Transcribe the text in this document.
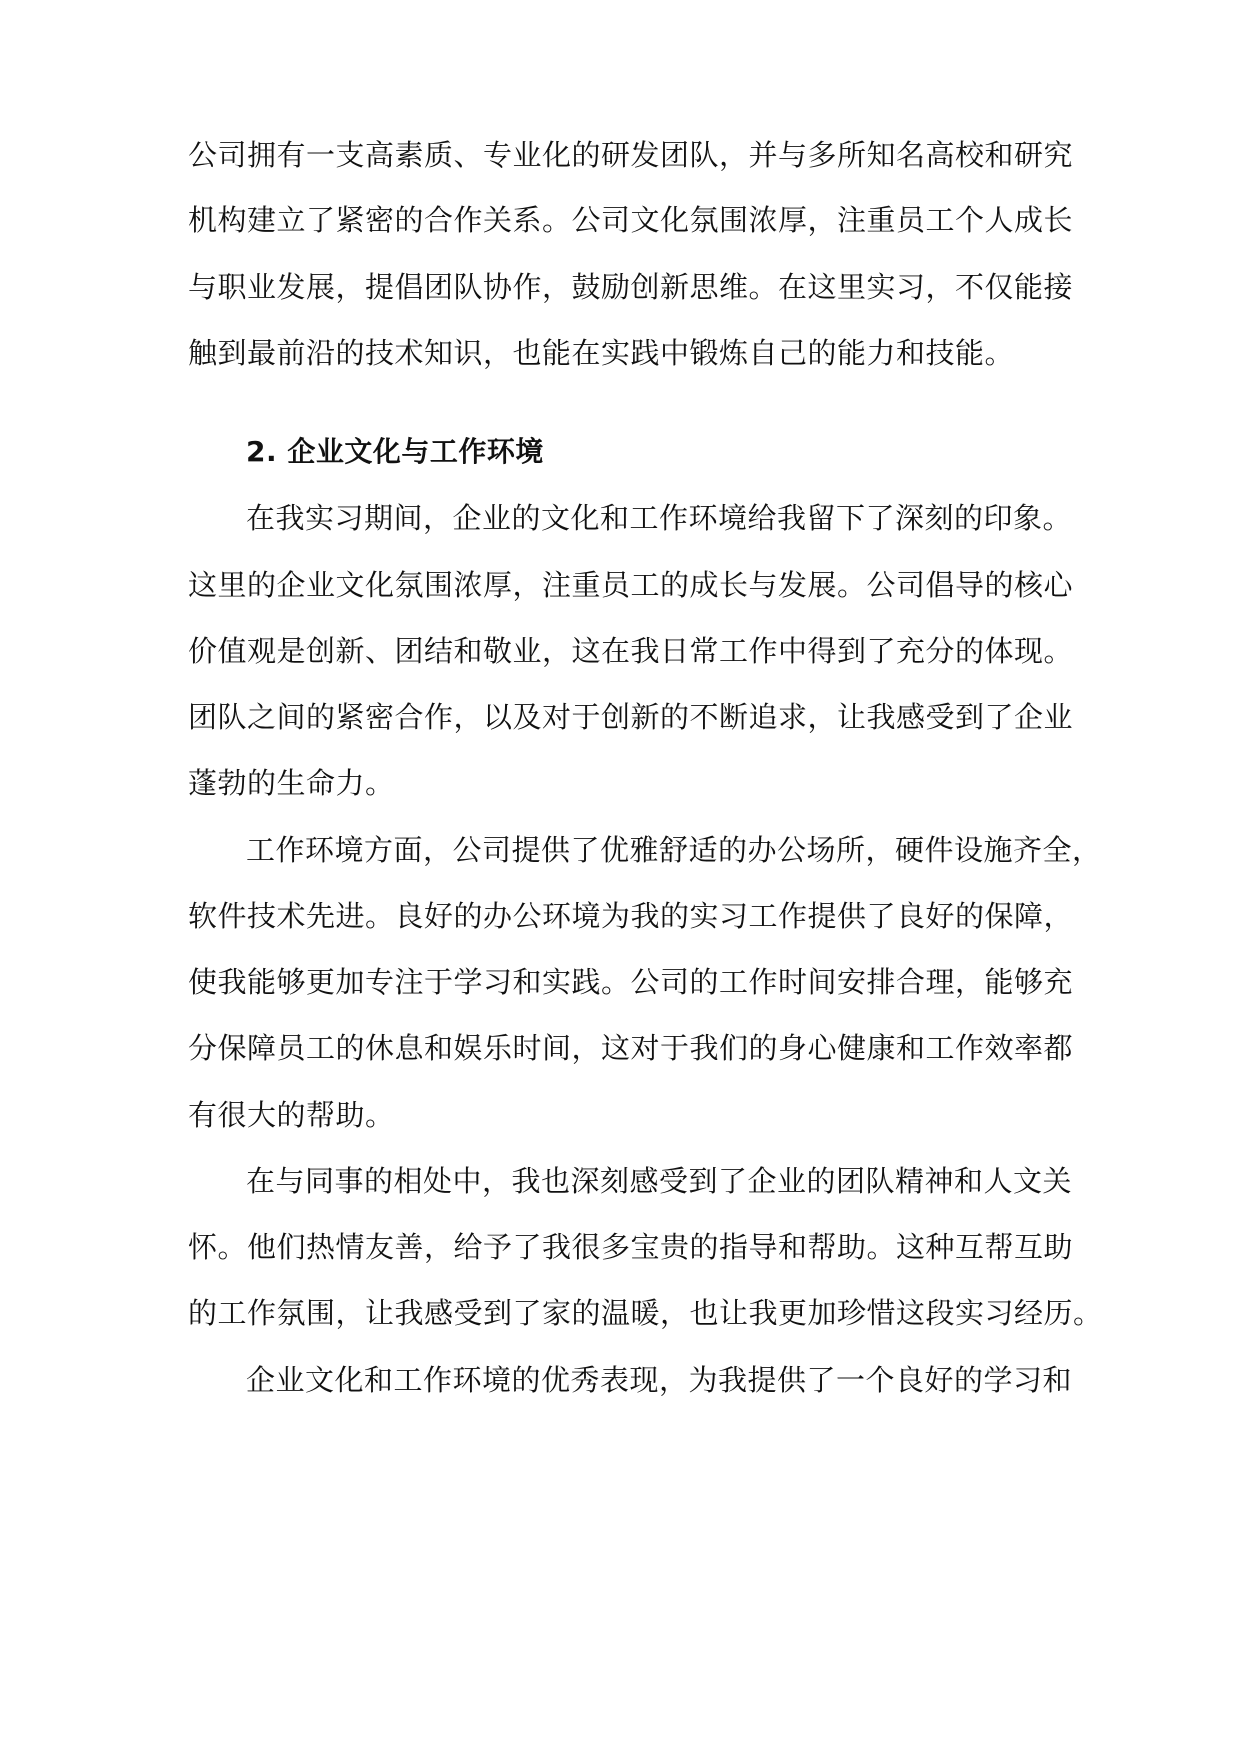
公司拥有一支高素质、专业化的研发团队，并与多所知名高校和研究
机构建立了紧密的合作关系。公司文化氛围浓厚，注重员工个人成长
与职业发展，提倡团队协作，鼓励创新思维。在这里实习，不仅能接
触到最前沿的技术知识，也能在实践中锻炼自己的能力和技能。
2. 企业文化与工作环境
在我实习期间，企业的文化和工作环境给我留下了深刻的印象。
这里的企业文化氛围浓厚，注重员工的成长与发展。公司倡导的核心
价值观是创新、团结和敬业，这在我日常工作中得到了充分的体现。
团队之间的紧密合作，以及对于创新的不断追求，让我感受到了企业
蓬勃的生命力。
工作环境方面，公司提供了优雅舒适的办公场所，硬件设施齐全，
软件技术先进。良好的办公环境为我的实习工作提供了良好的保障，
使我能够更加专注于学习和实践。公司的工作时间安排合理，能够充
分保障员工的休息和娱乐时间，这对于我们的身心健康和工作效率都
有很大的帮助。
在与同事的相处中，我也深刻感受到了企业的团队精神和人文关
怀。他们热情友善，给予了我很多宝贵的指导和帮助。这种互帮互助
的工作氛围，让我感受到了家的温暖，也让我更加珍惜这段实习经历。
企业文化和工作环境的优秀表现，为我提供了一个良好的学习和
